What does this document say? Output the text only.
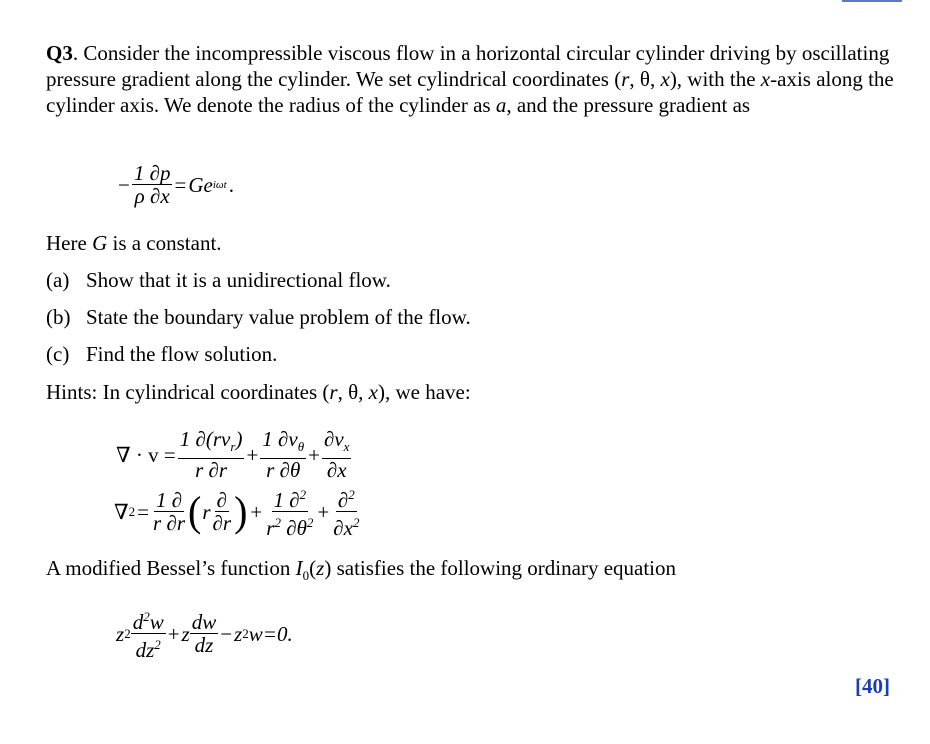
Q3. Consider the incompressible viscous flow in a horizontal circular cylinder driving by oscillating pressure gradient along the cylinder. We set cylindrical coordinates (r, θ, x), with the x-axis along the cylinder axis. We denote the radius of the cylinder as a, and the pressure gradient as
− $\frac{1 \partial p}{\rho \partial x} = Ge$ iωt .
Here G is a constant.
(a) Show that it is a unidirectional flow.
(b) State the boundary value problem of the flow.
(c) Find the flow solution.
Hints: In cylindrical coordinates (r, θ, x), we have:
∇ · $v = \frac{1 \partial(rv_r)}{r \partial r} + \frac{1 \partial v_\theta}{r \partial\theta} + \frac{\partial v_x}{\partial x}$
∇ $2 = \frac{1 \partial}{r \partial r}$ ( r $\frac{\partial}{\partial r}$ ) + $\frac{1 \partial^2}{r^2 \partial\theta^2} + \frac{\partial^2}{\partial x^2}$
A modified Bessel’s function $I_0(z)$ satisfies the following ordinary equation
z $2 \frac{d^2w}{dz^2} + z \frac{dw}{dz} - z$ 2 w=0.
[40]
